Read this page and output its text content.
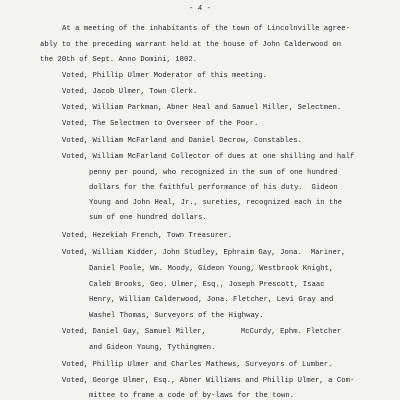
- 4 -
At a meeting of the inhabitants of the town of Lincolnville agree-
ably to the preceding warrant held at the house of John Calderwood on
the 20th of Sept. Anno Domini, 1802.
Voted, Phillip Ulmer Moderator of this meeting.
Voted, Jacob Ulmer, Town Clerk.
Voted, William Parkman, Abner Heal and Samuel Miller, Selectmen.
Voted, The Selectmen to Overseer of the Poor.
Voted, William McFarland and Daniel Decrow, Constables.
Voted, William McFarland Collector of dues at one shilling and half
penny per pound, who recognized in the sum of one hundred
dollars for the faithful performance of his duty.  Gideon
Young and John Heal, Jr., sureties, recognized each in the
sum of one hundred dollars.
Voted, Hezekiah French, Town Treasurer.
Voted, William Kidder, John Studley, Ephraim Gay, Jona.  Mariner,
Daniel Poole, Wm. Moody, Gideon Young, Westbrook Knight,
Caleb Brooks, Geo. Ulmer, Esq., Joseph Prescott, Isaac
Henry, William Calderwood, Jona. Fletcher, Levi Gray and
Washel Thomas, Surveyors of the Highway.
Voted, Daniel Gay, Samuel Miller,        McCurdy, Ephm. Fletcher
and Gideon Young, Tythingmen.
Voted, Phillip Ulmer and Charles Mathews, Surveyors of Lumber.
Voted, George Ulmer, Esq., Abner Williams and Phillip Ulmer, a Com-
mittee to frame a code of by-laws for the town.
